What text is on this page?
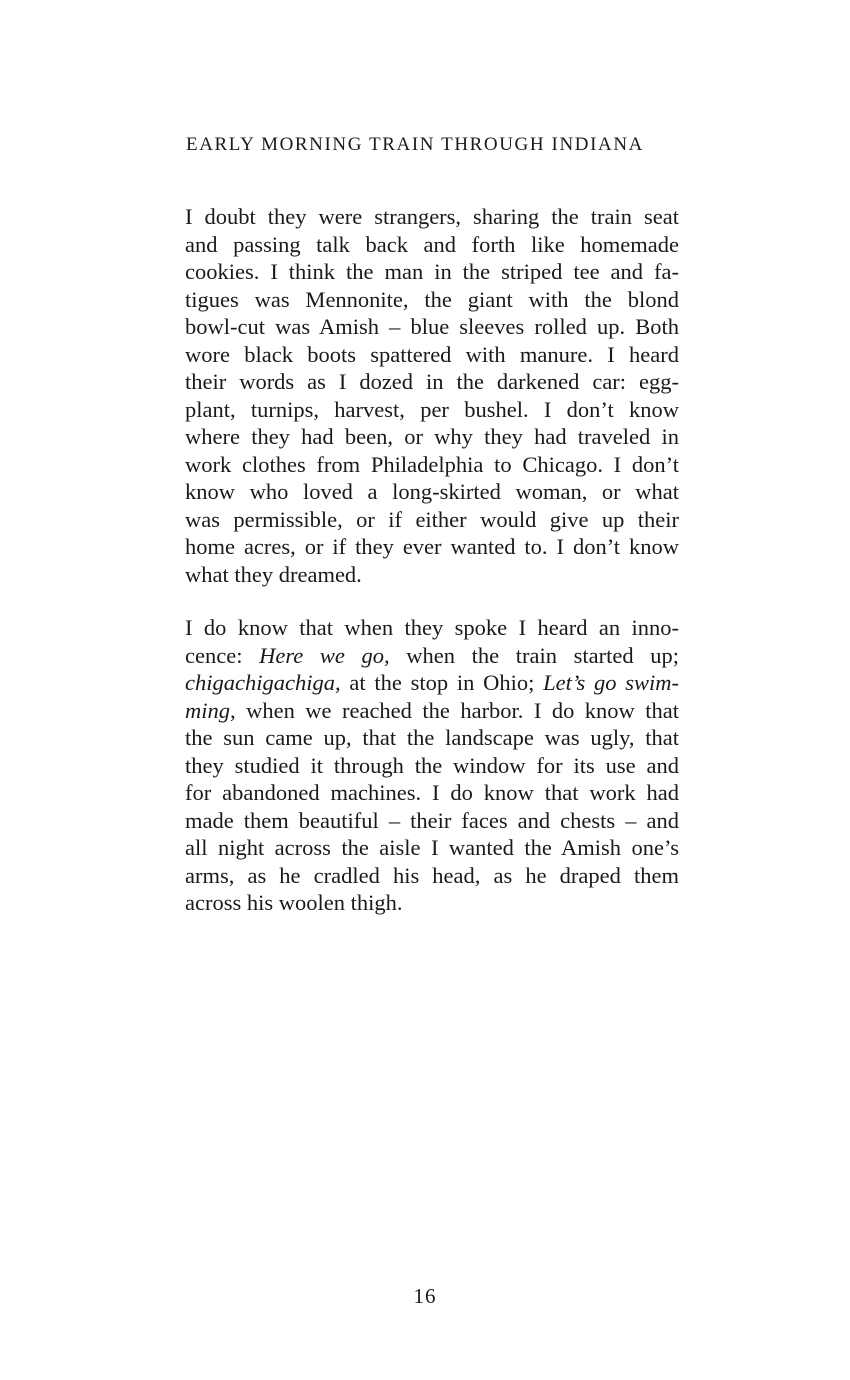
EARLY MORNING TRAIN THROUGH INDIANA
I doubt they were strangers, sharing the train seat
and passing talk back and forth like homemade
cookies. I think the man in the striped tee and fa-
tigues was Mennonite, the giant with the blond
bowl-cut was Amish – blue sleeves rolled up. Both
wore black boots spattered with manure. I heard
their words as I dozed in the darkened car: egg-
plant, turnips, harvest, per bushel. I don’t know
where they had been, or why they had traveled in
work clothes from Philadelphia to Chicago. I don’t
know who loved a long-skirted woman, or what
was permissible, or if either would give up their
home acres, or if they ever wanted to. I don’t know
what they dreamed.
I do know that when they spoke I heard an inno-
cence: Here we go, when the train started up;
chigachigachiga, at the stop in Ohio; Let’s go swim-
ming, when we reached the harbor. I do know that
the sun came up, that the landscape was ugly, that
they studied it through the window for its use and
for abandoned machines. I do know that work had
made them beautiful – their faces and chests – and
all night across the aisle I wanted the Amish one’s
arms, as he cradled his head, as he draped them
across his woolen thigh.
16
